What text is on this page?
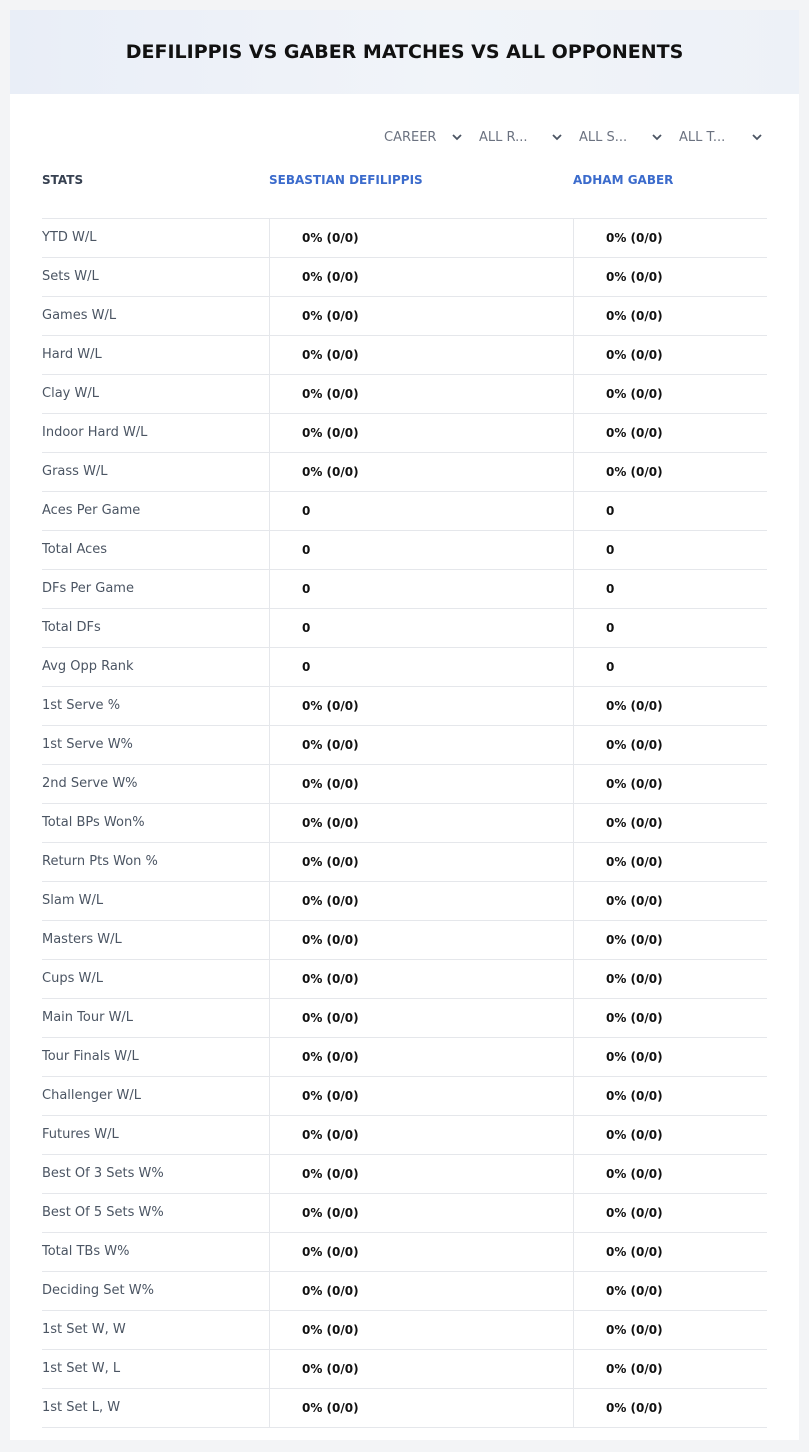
DEFILIPPIS VS GABER MATCHES VS ALL OPPONENTS
CAREER	ALL R...	ALL S...	ALL T...
STATS	SEBASTIAN DEFILIPPIS	ADHAM GABER
YTD W/L	0% (0/0)	0% (0/0)
Sets W/L	0% (0/0)	0% (0/0)
Games W/L	0% (0/0)	0% (0/0)
Hard W/L	0% (0/0)	0% (0/0)
Clay W/L	0% (0/0)	0% (0/0)
Indoor Hard W/L	0% (0/0)	0% (0/0)
Grass W/L	0% (0/0)	0% (0/0)
Aces Per Game	0	0
Total Aces	0	0
DFs Per Game	0	0
Total DFs	0	0
Avg Opp Rank	0	0
1st Serve %	0% (0/0)	0% (0/0)
1st Serve W%	0% (0/0)	0% (0/0)
2nd Serve W%	0% (0/0)	0% (0/0)
Total BPs Won%	0% (0/0)	0% (0/0)
Return Pts Won %	0% (0/0)	0% (0/0)
Slam W/L	0% (0/0)	0% (0/0)
Masters W/L	0% (0/0)	0% (0/0)
Cups W/L	0% (0/0)	0% (0/0)
Main Tour W/L	0% (0/0)	0% (0/0)
Tour Finals W/L	0% (0/0)	0% (0/0)
Challenger W/L	0% (0/0)	0% (0/0)
Futures W/L	0% (0/0)	0% (0/0)
Best Of 3 Sets W%	0% (0/0)	0% (0/0)
Best Of 5 Sets W%	0% (0/0)	0% (0/0)
Total TBs W%	0% (0/0)	0% (0/0)
Deciding Set W%	0% (0/0)	0% (0/0)
1st Set W, W	0% (0/0)	0% (0/0)
1st Set W, L	0% (0/0)	0% (0/0)
1st Set L, W	0% (0/0)	0% (0/0)
